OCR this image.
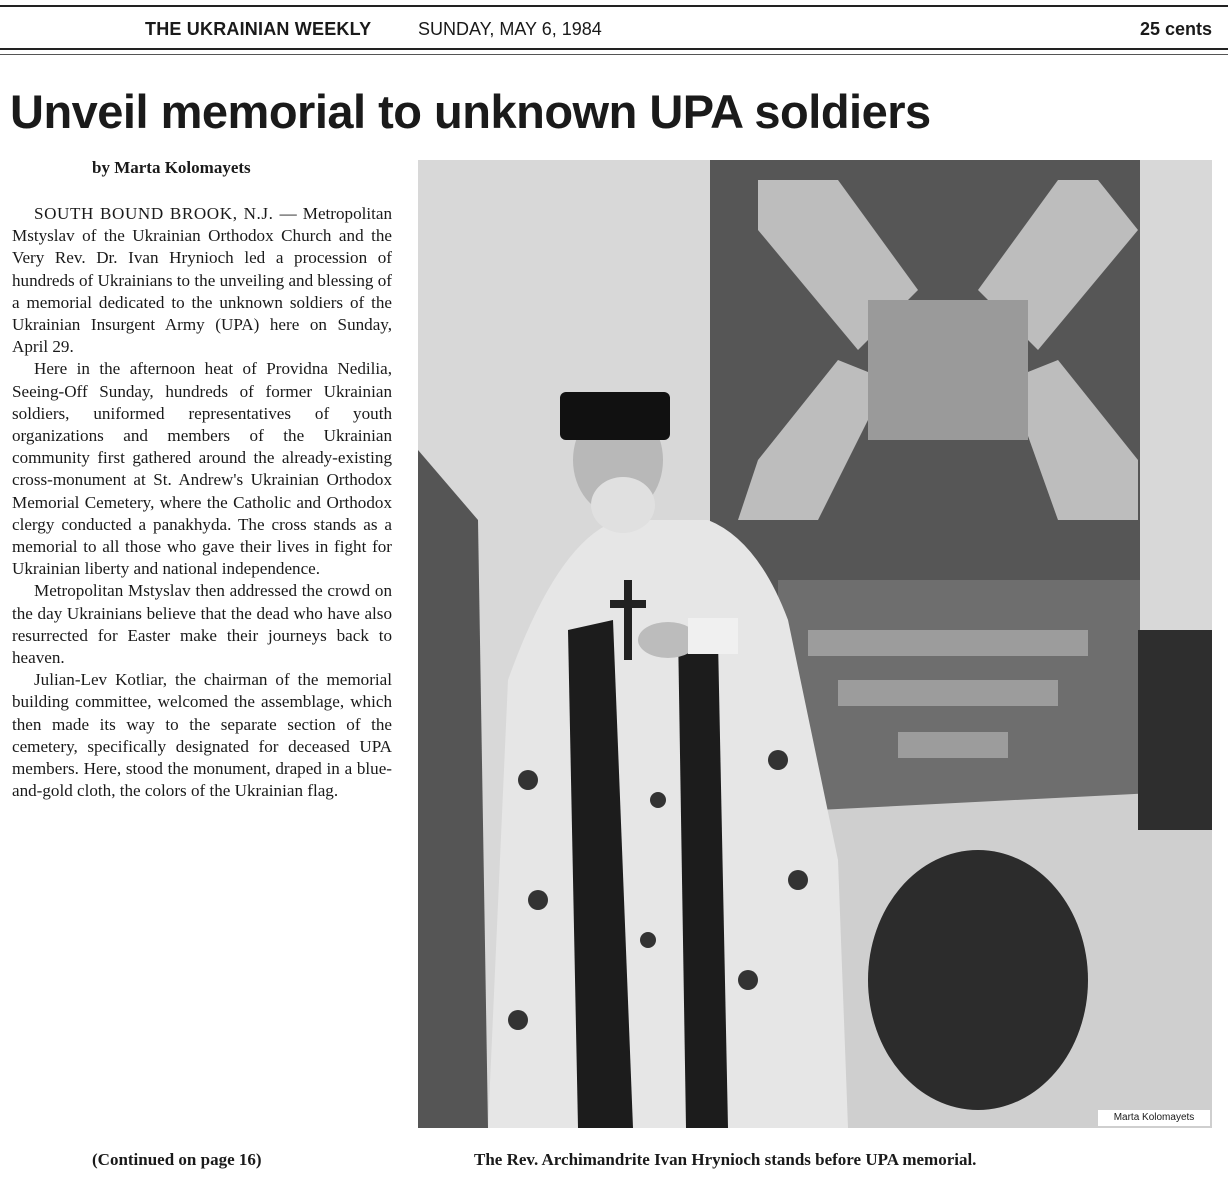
THE UKRAINIAN WEEKLY	SUNDAY, MAY 6, 1984	25 cents
Unveil memorial to unknown UPA soldiers
by Marta Kolomayets

SOUTH BOUND BROOK, N.J. — Metropolitan Mstyslav of the Ukrainian Orthodox Church and the Very Rev. Dr. Ivan Hrynioch led a procession of hundreds of Ukrainians to the unveiling and blessing of a memorial dedicated to the unknown soldiers of the Ukrainian Insurgent Army (UPA) here on Sunday, April 29.

Here in the afternoon heat of Providna Nedilia, Seeing-Off Sunday, hundreds of former Ukrainian soldiers, uniformed representatives of youth organizations and members of the Ukrainian community first gathered around the already-existing cross-monument at St. Andrew's Ukrainian Orthodox Memorial Cemetery, where the Catholic and Orthodox clergy conducted a panakhyda. The cross stands as a memorial to all those who gave their lives in fight for Ukrainian liberty and national independence.

Metropolitan Mstyslav then addressed the crowd on the day Ukrainians believe that the dead who have also resurrected for Easter make their journeys back to heaven.

Julian-Lev Kotliar, the chairman of the memorial building committee, welcomed the assemblage, which then made its way to the separate section of the cemetery, specifically designated for deceased UPA members. Here, stood the monument, draped in a blue-and-gold cloth, the colors of the Ukrainian flag.

(Continued on page 16)
Marta Kolomayets
The Rev. Archimandrite Ivan Hrynioch stands before UPA memorial.
